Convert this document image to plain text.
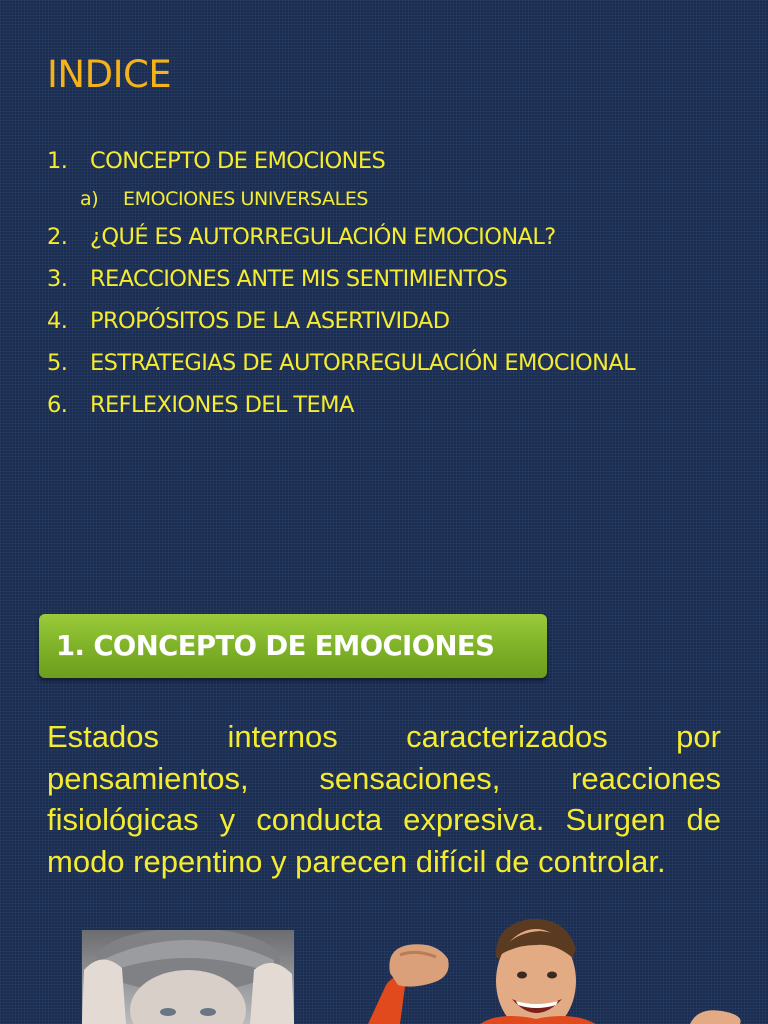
INDICE
1.	CONCEPTO DE EMOCIONES
a)	EMOCIONES UNIVERSALES
2.	¿QUÉ ES AUTORREGULACIÓN EMOCIONAL?
3.	REACCIONES ANTE MIS SENTIMIENTOS
4.	PROPÓSITOS DE LA ASERTIVIDAD
5.	ESTRATEGIAS DE AUTORREGULACIÓN EMOCIONAL
6.	REFLEXIONES DEL TEMA
1. CONCEPTO DE EMOCIONES

Estados internos caracterizados por pensamientos, sensaciones, reacciones fisiológicas y conducta expresiva. Surgen de modo repentino y parecen difícil de controlar.
